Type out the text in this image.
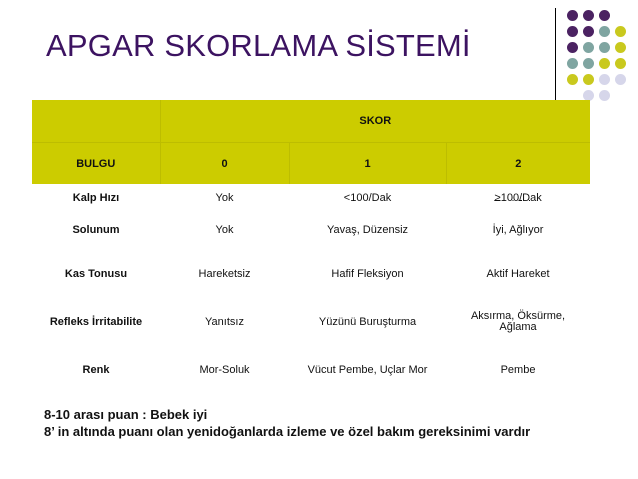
APGAR SKORLAMA SİSTEMİ
	SKOR		
BULGU	0	1	2
Kalp Hızı	Yok	<100/Dak	>100/Dak
Solunum	Yok	Yavaş, Düzensiz	İyi, Ağlıyor
Kas Tonusu	Hareketsiz	Hafif Fleksiyon	Aktif Hareket
Refleks İrritabilite	Yanıtsız	Yüzünü Buruşturma	Aksırma, Öksürme, Ağlama
Renk	Mor-Soluk	Vücut Pembe, Uçlar Mor	Pembe
8-10 arası puan : Bebek iyi
8’ in altında puanı olan yenidoğanlarda izleme ve özel bakım gereksinimi vardır
